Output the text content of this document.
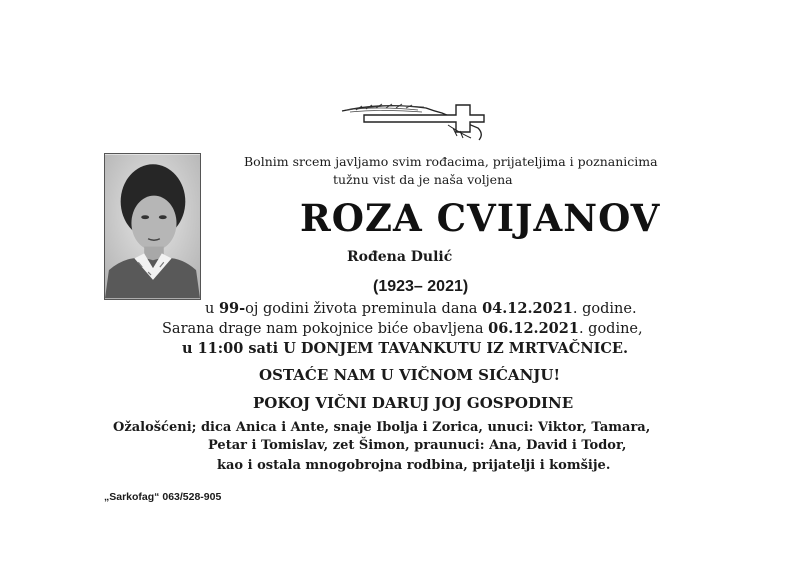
Bolnim srcem javljamo svim rođacima, prijateljima i poznanicima
tužnu vist da je naša voljena
ROZA CVIJANOV
Rođena Dulić
(1923– 2021)
u 99-oj godini života preminula dana 04.12.2021. godine.
Sarana drage nam pokojnice biće obavljena 06.12.2021. godine,
u 11:00 sati U DONJEM TAVANKUTU IZ MRTVAČNICE.
OSTAĆE NAM U VIČNOM SIĆANJU!
POKOJ VIČNI DARUJ JOJ GOSPODINE
Ožalošćeni; dica Anica i Ante, snaje Ibolja i Zorica, unuci: Viktor, Tamara,
Petar i Tomislav, zet Šimon, praunuci: Ana, David i Todor,
kao i ostala mnogobrojna rodbina, prijatelji i komšije.
„Sarkofag“ 063/528-905
